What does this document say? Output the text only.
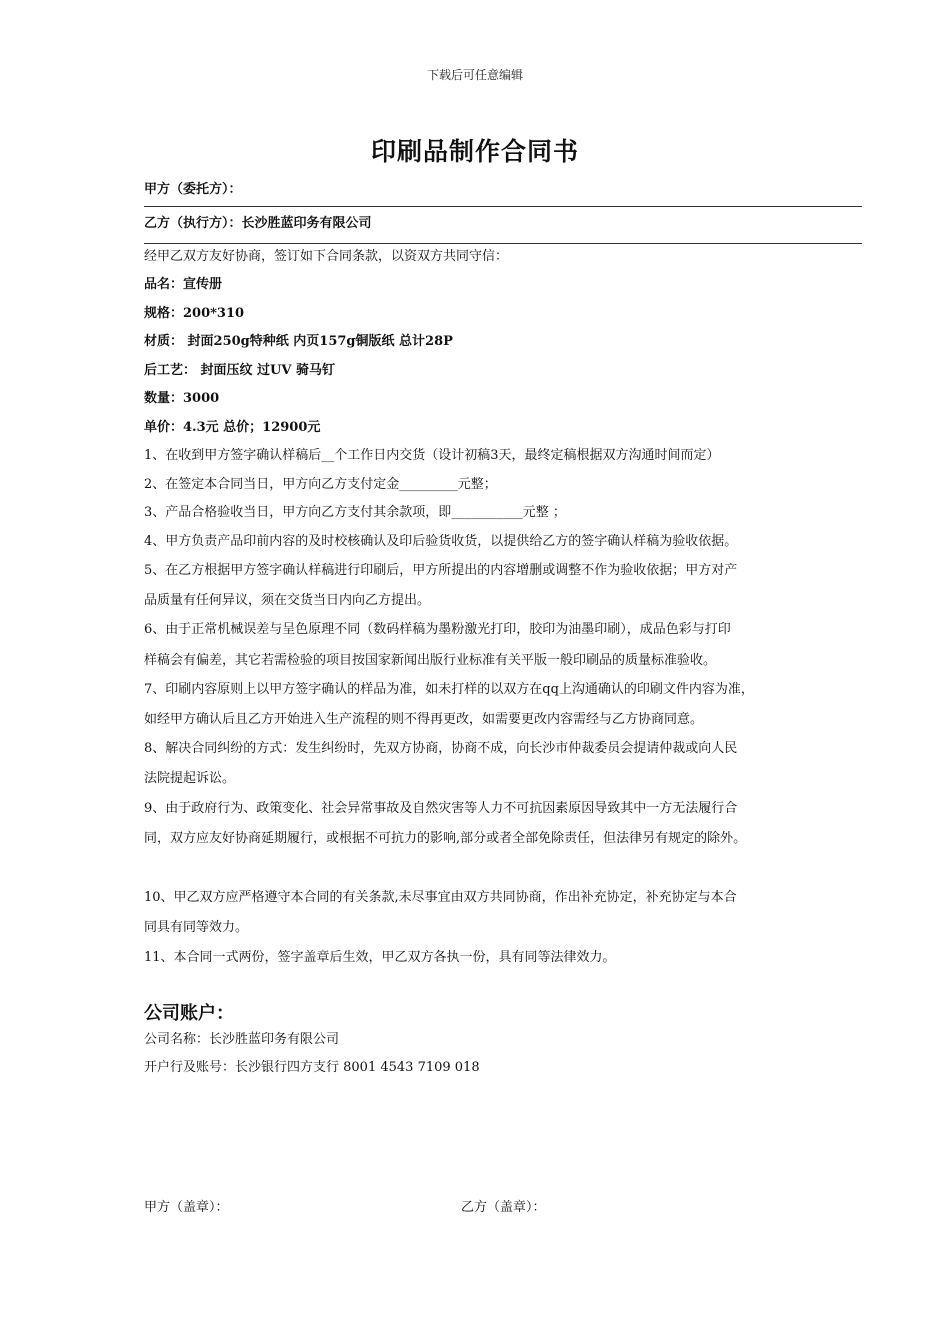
下载后可任意编辑
印刷品制作合同书
甲方（委托方）：
乙方（执行方）：长沙胜蓝印务有限公司
经甲乙双方友好协商，签订如下合同条款，以资双方共同守信：
品名：宣传册
规格：200*310
材质： 封面250g特种纸 内页157g铜版纸 总计28P
后工艺： 封面压纹 过UV 骑马钉
数量：3000
单价：4.3元 总价；12900元
1、在收到甲方签字确认样稿后__个工作日内交货（设计初稿3天，最终定稿根据双方沟通时间而定）
2、在签定本合同当日，甲方向乙方支付定金_________元整；
3、产品合格验收当日，甲方向乙方支付其余款项，即___________元整 ；
4、甲方负责产品印前内容的及时校核确认及印后验货收货，以提供给乙方的签字确认样稿为验收依据。
5、在乙方根据甲方签字确认样稿进行印刷后，甲方所提出的内容增删或调整不作为验收依据；甲方对产
品质量有任何异议，须在交货当日内向乙方提出。
6、由于正常机械误差与呈色原理不同（数码样稿为墨粉激光打印，胶印为油墨印刷），成品色彩与打印
样稿会有偏差，其它若需检验的项目按国家新闻出版行业标准有关平版一般印刷品的质量标准验收。
7、印刷内容原则上以甲方签字确认的样品为准，如未打样的以双方在qq上沟通确认的印刷文件内容为准，
如经甲方确认后且乙方开始进入生产流程的则不得再更改，如需要更改内容需经与乙方协商同意。
8、解决合同纠纷的方式：发生纠纷时，先双方协商，协商不成，向长沙市仲裁委员会提请仲裁或向人民
法院提起诉讼。
9、由于政府行为、政策变化、社会异常事故及自然灾害等人力不可抗因素原因导致其中一方无法履行合
同，双方应友好协商延期履行，或根据不可抗力的影响,部分或者全部免除责任，但法律另有规定的除外。
10、甲乙双方应严格遵守本合同的有关条款,未尽事宜由双方共同协商，作出补充协定，补充协定与本合
同具有同等效力。
11、本合同一式两份，签字盖章后生效，甲乙双方各执一份，具有同等法律效力。
公司账户：
公司名称：长沙胜蓝印务有限公司
开户行及账号：长沙银行四方支行 8001 4543 7109 018
甲方（盖章）：	乙方（盖章）：
